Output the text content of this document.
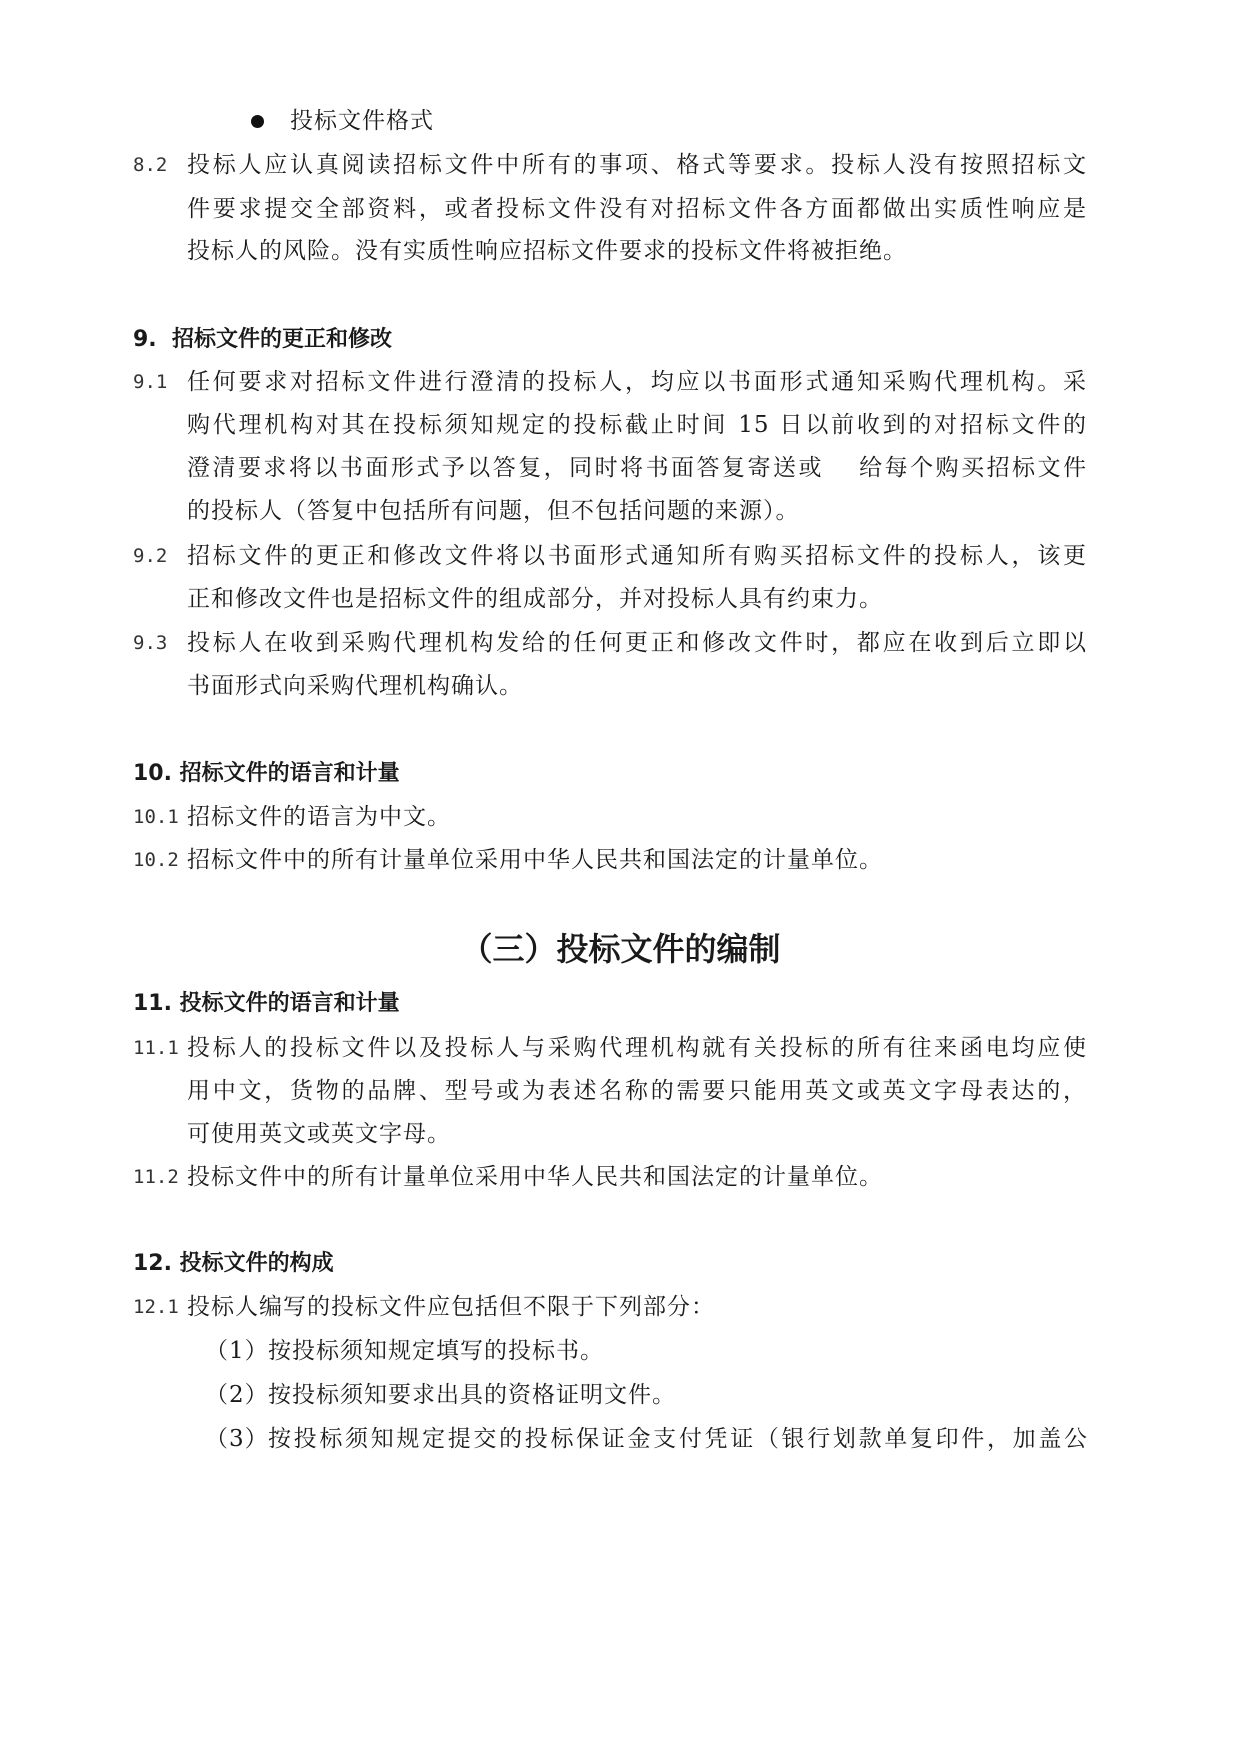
投标文件格式
8.2 投标人应认真阅读招标文件中所有的事项、格式等要求。投标人没有按照招标文
件要求提交全部资料，或者投标文件没有对招标文件各方面都做出实质性响应是
投标人的风险。没有实质性响应招标文件要求的投标文件将被拒绝。
9. 招标文件的更正和修改
9.1 任何要求对招标文件进行澄清的投标人，均应以书面形式通知采购代理机构。采
购代理机构对其在投标须知规定的投标截止时间 15 日以前收到的对招标文件的
澄清要求将以书面形式予以答复，同时将书面答复寄送或　 给每个购买招标文件
的投标人（答复中包括所有问题，但不包括问题的来源）。
9.2 招标文件的更正和修改文件将以书面形式通知所有购买招标文件的投标人，该更
正和修改文件也是招标文件的组成部分，并对投标人具有约束力。
9.3 投标人在收到采购代理机构发给的任何更正和修改文件时，都应在收到后立即以
书面形式向采购代理机构确认。
10. 招标文件的语言和计量
10.1 招标文件的语言为中文。
10.2 招标文件中的所有计量单位采用中华人民共和国法定的计量单位。
（三）投标文件的编制
11. 投标文件的语言和计量
11.1 投标人的投标文件以及投标人与采购代理机构就有关投标的所有往来函电均应使
用中文，货物的品牌、型号或为表述名称的需要只能用英文或英文字母表达的，
可使用英文或英文字母。
11.2 投标文件中的所有计量单位采用中华人民共和国法定的计量单位。
12. 投标文件的构成
12.1 投标人编写的投标文件应包括但不限于下列部分：
（1） 按投标须知规定填写的投标书。
（2） 按投标须知要求出具的资格证明文件。
（3） 按投标须知规定提交的投标保证金支付凭证（银行划款单复印件，加盖公
